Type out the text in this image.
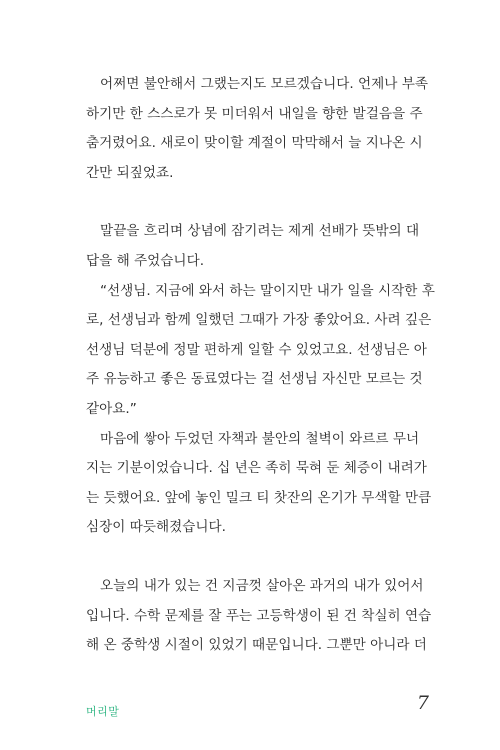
어쩌면 불안해서 그랬는지도 모르겠습니다. 언제나 부족
하기만 한 스스로가 못 미더워서 내일을 향한 발걸음을 주
춤거렸어요. 새로이 맞이할 계절이 막막해서 늘 지나온 시
간만 되짚었죠.

말끝을 흐리며 상념에 잠기려는 제게 선배가 뜻밖의 대
답을 해 주었습니다.

“선생님. 지금에 와서 하는 말이지만 내가 일을 시작한 후
로, 선생님과 함께 일했던 그때가 가장 좋았어요. 사려 깊은
선생님 덕분에 정말 편하게 일할 수 있었고요. 선생님은 아
주 유능하고 좋은 동료였다는 걸 선생님 자신만 모르는 것
같아요.”

마음에 쌓아 두었던 자책과 불안의 철벽이 와르르 무너
지는 기분이었습니다. 십 년은 족히 묵혀 둔 체증이 내려가
는 듯했어요. 앞에 놓인 밀크 티 찻잔의 온기가 무색할 만큼
심장이 따듯해졌습니다.

오늘의 내가 있는 건 지금껏 살아온 과거의 내가 있어서
입니다. 수학 문제를 잘 푸는 고등학생이 된 건 착실히 연습
해 온 중학생 시절이 있었기 때문입니다. 그뿐만 아니라 더

머리말	7
